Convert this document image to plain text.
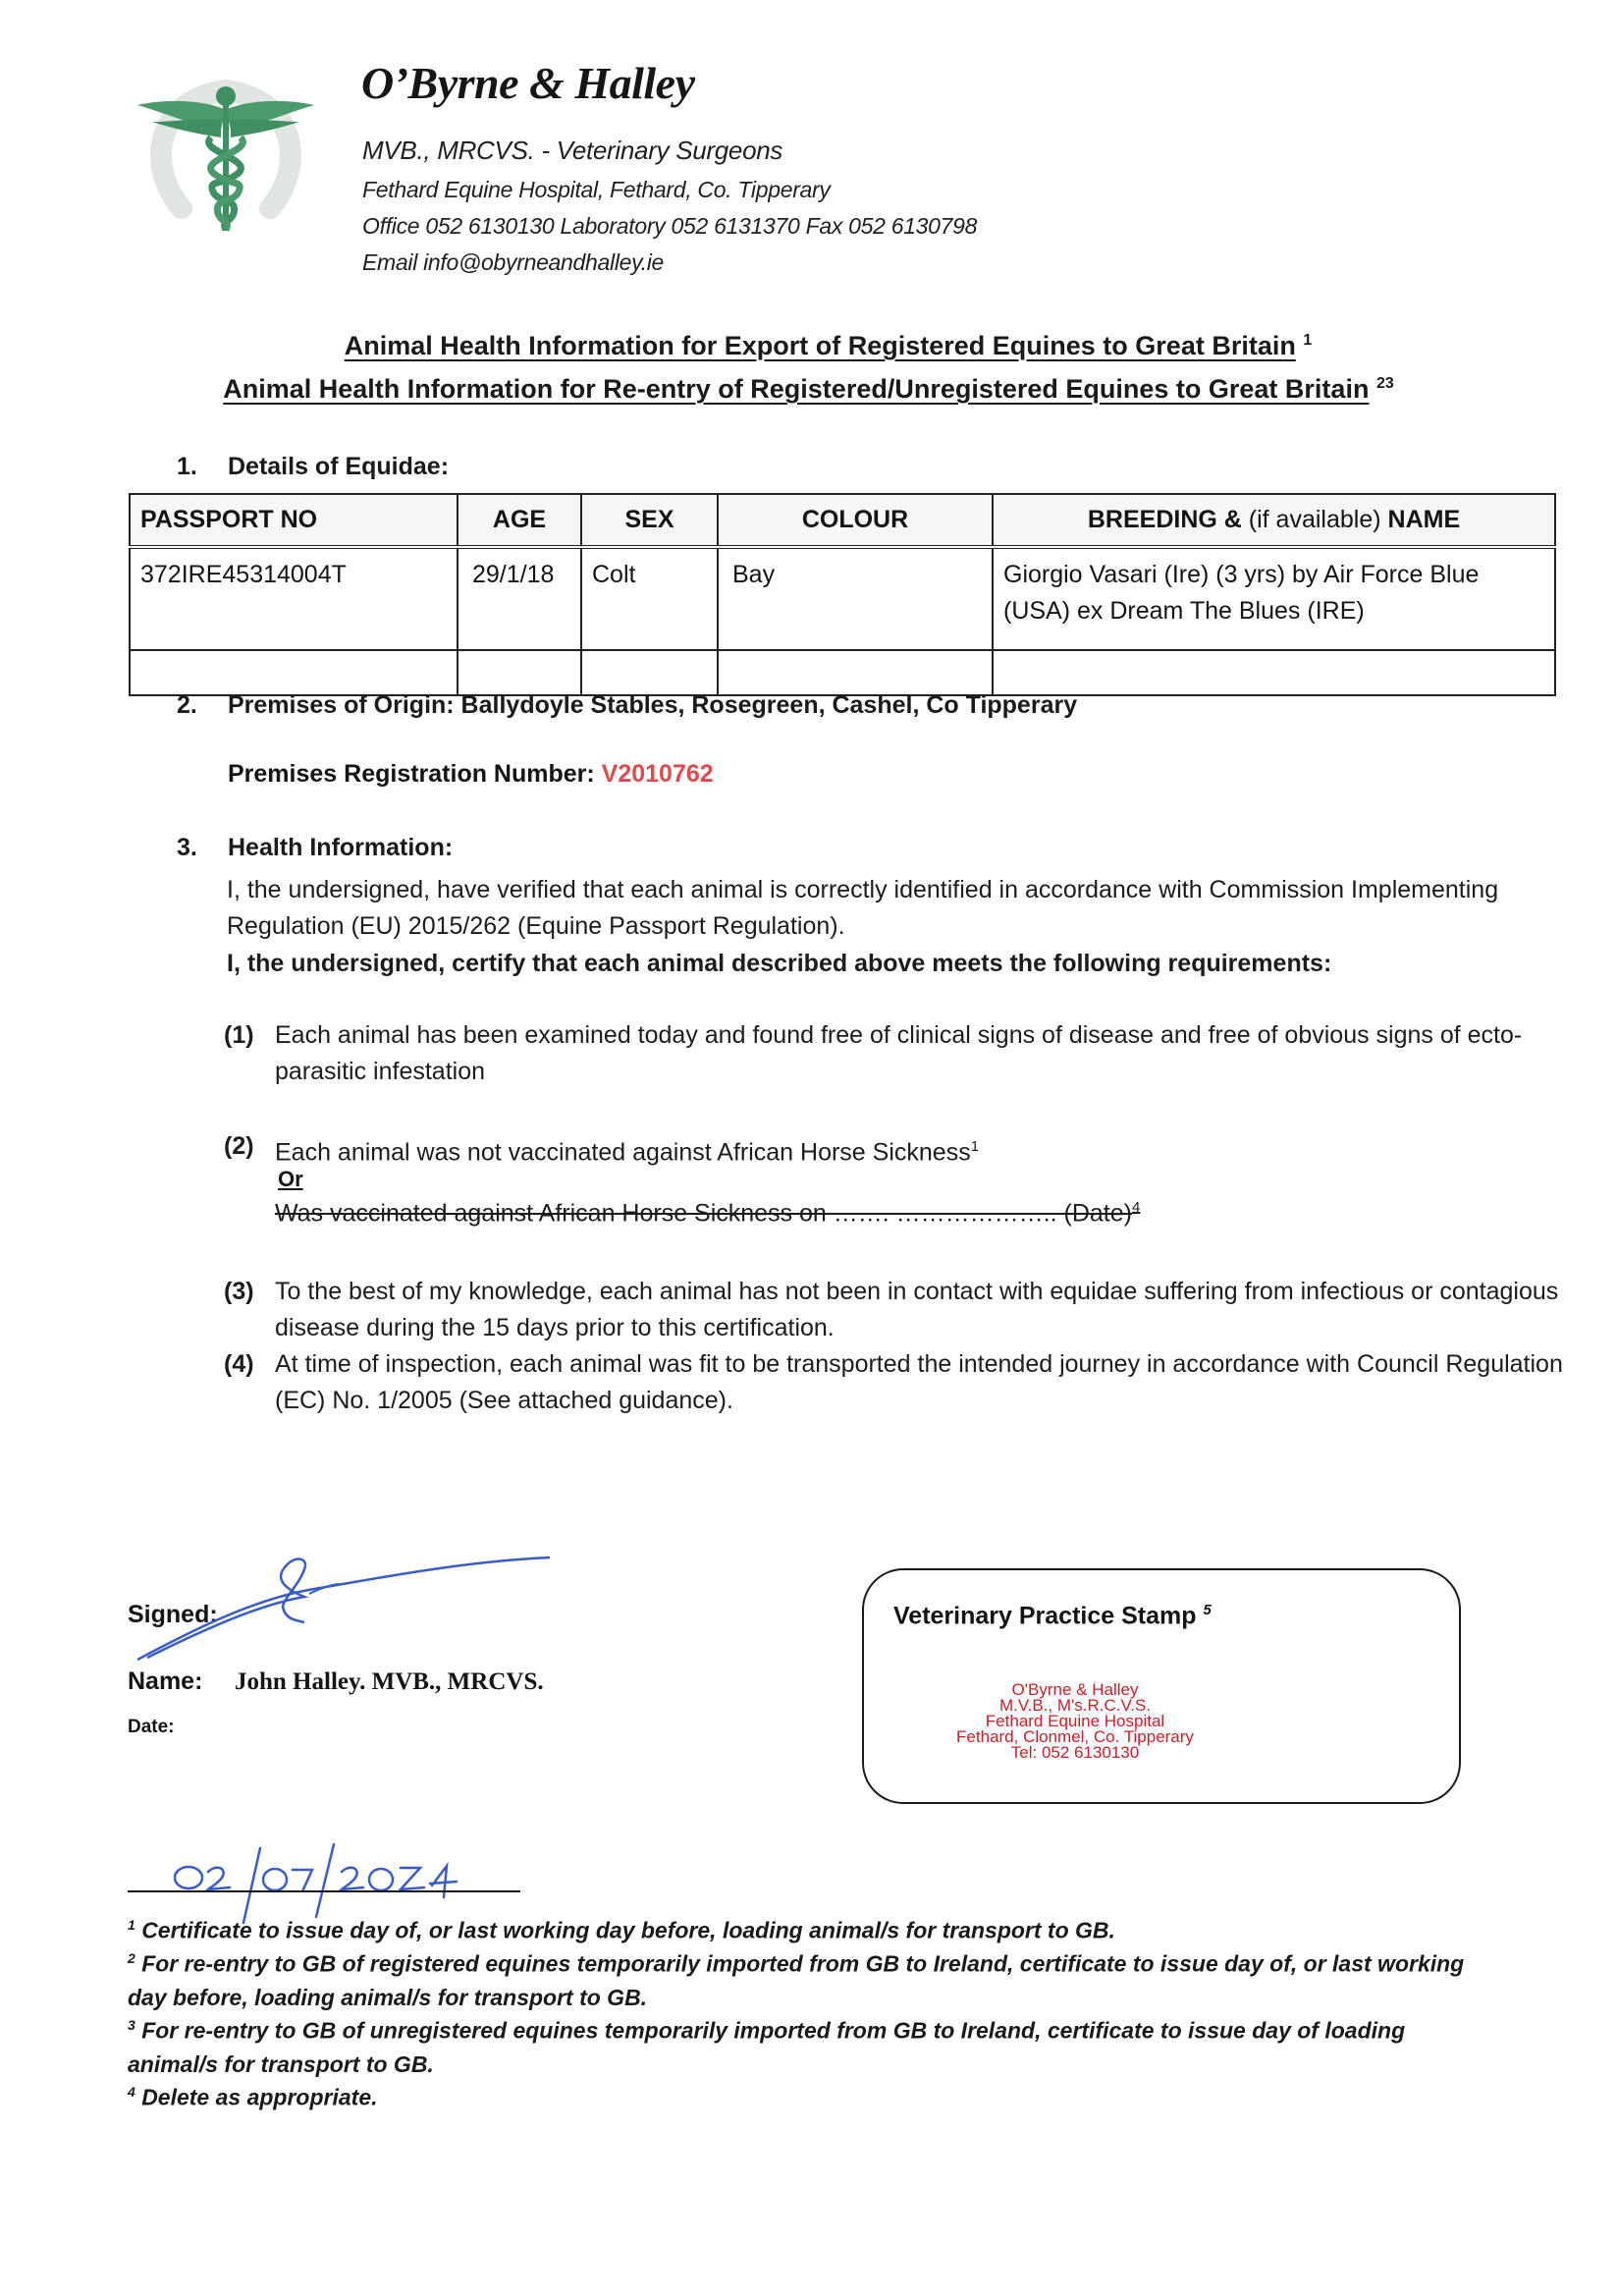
O’Byrne & Halley
MVB., MRCVS. - Veterinary Surgeons
Fethard Equine Hospital, Fethard, Co. Tipperary
Office 052 6130130 Laboratory 052 6131370 Fax 052 6130798
Email info@obyrneandhalley.ie
Animal Health Information for Export of Registered Equines to Great Britain $^1$
Animal Health Information for Re-entry of Registered/Unregistered Equines to Great Britain $^{23}$
1. Details of Equidae:
PASSPORT NO	AGE	SEX	COLOUR	BREEDING & (if available) NAME
372IRE45314004T	29/1/18	Colt	Bay	Giorgio Vasari (Ire) (3 yrs) by Air Force Blue (USA) ex Dream The Blues (IRE)

2. Premises of Origin: Ballydoyle Stables, Rosegreen, Cashel, Co Tipperary
Premises Registration Number: V2010762
3. Health Information:
I, the undersigned, have verified that each animal is correctly identified in accordance with Commission Implementing Regulation (EU) 2015/262 (Equine Passport Regulation).
I, the undersigned, certify that each animal described above meets the following requirements:
(1) Each animal has been examined today and found free of clinical signs of disease and free of obvious signs of ecto-parasitic infestation
(2) Each animal was not vaccinated against African Horse Sickness$^1$
Or
Was vaccinated against African Horse Sickness on ……. ……………….. (Date)$^4$
(3) To the best of my knowledge, each animal has not been in contact with equidae suffering from infectious or contagious disease during the 15 days prior to this certification.
(4) At time of inspection, each animal was fit to be transported the intended journey in accordance with Council Regulation (EC) No. 1/2005 (See attached guidance).
Signed:
Name: John Halley. MVB., MRCVS.
Date:
Veterinary Practice Stamp $^5$
O'Byrne & Halley
M.V.B., M's.R.C.V.S.
Fethard Equine Hospital
Fethard, Clonmel, Co. Tipperary
Tel: 052 6130130
$^1$ Certificate to issue day of, or last working day before, loading animal/s for transport to GB.
$^2$ For re-entry to GB of registered equines temporarily imported from GB to Ireland, certificate to issue day of, or last working day before, loading animal/s for transport to GB.
$^3$ For re-entry to GB of unregistered equines temporarily imported from GB to Ireland, certificate to issue day of loading animal/s for transport to GB.
$^4$ Delete as appropriate.
